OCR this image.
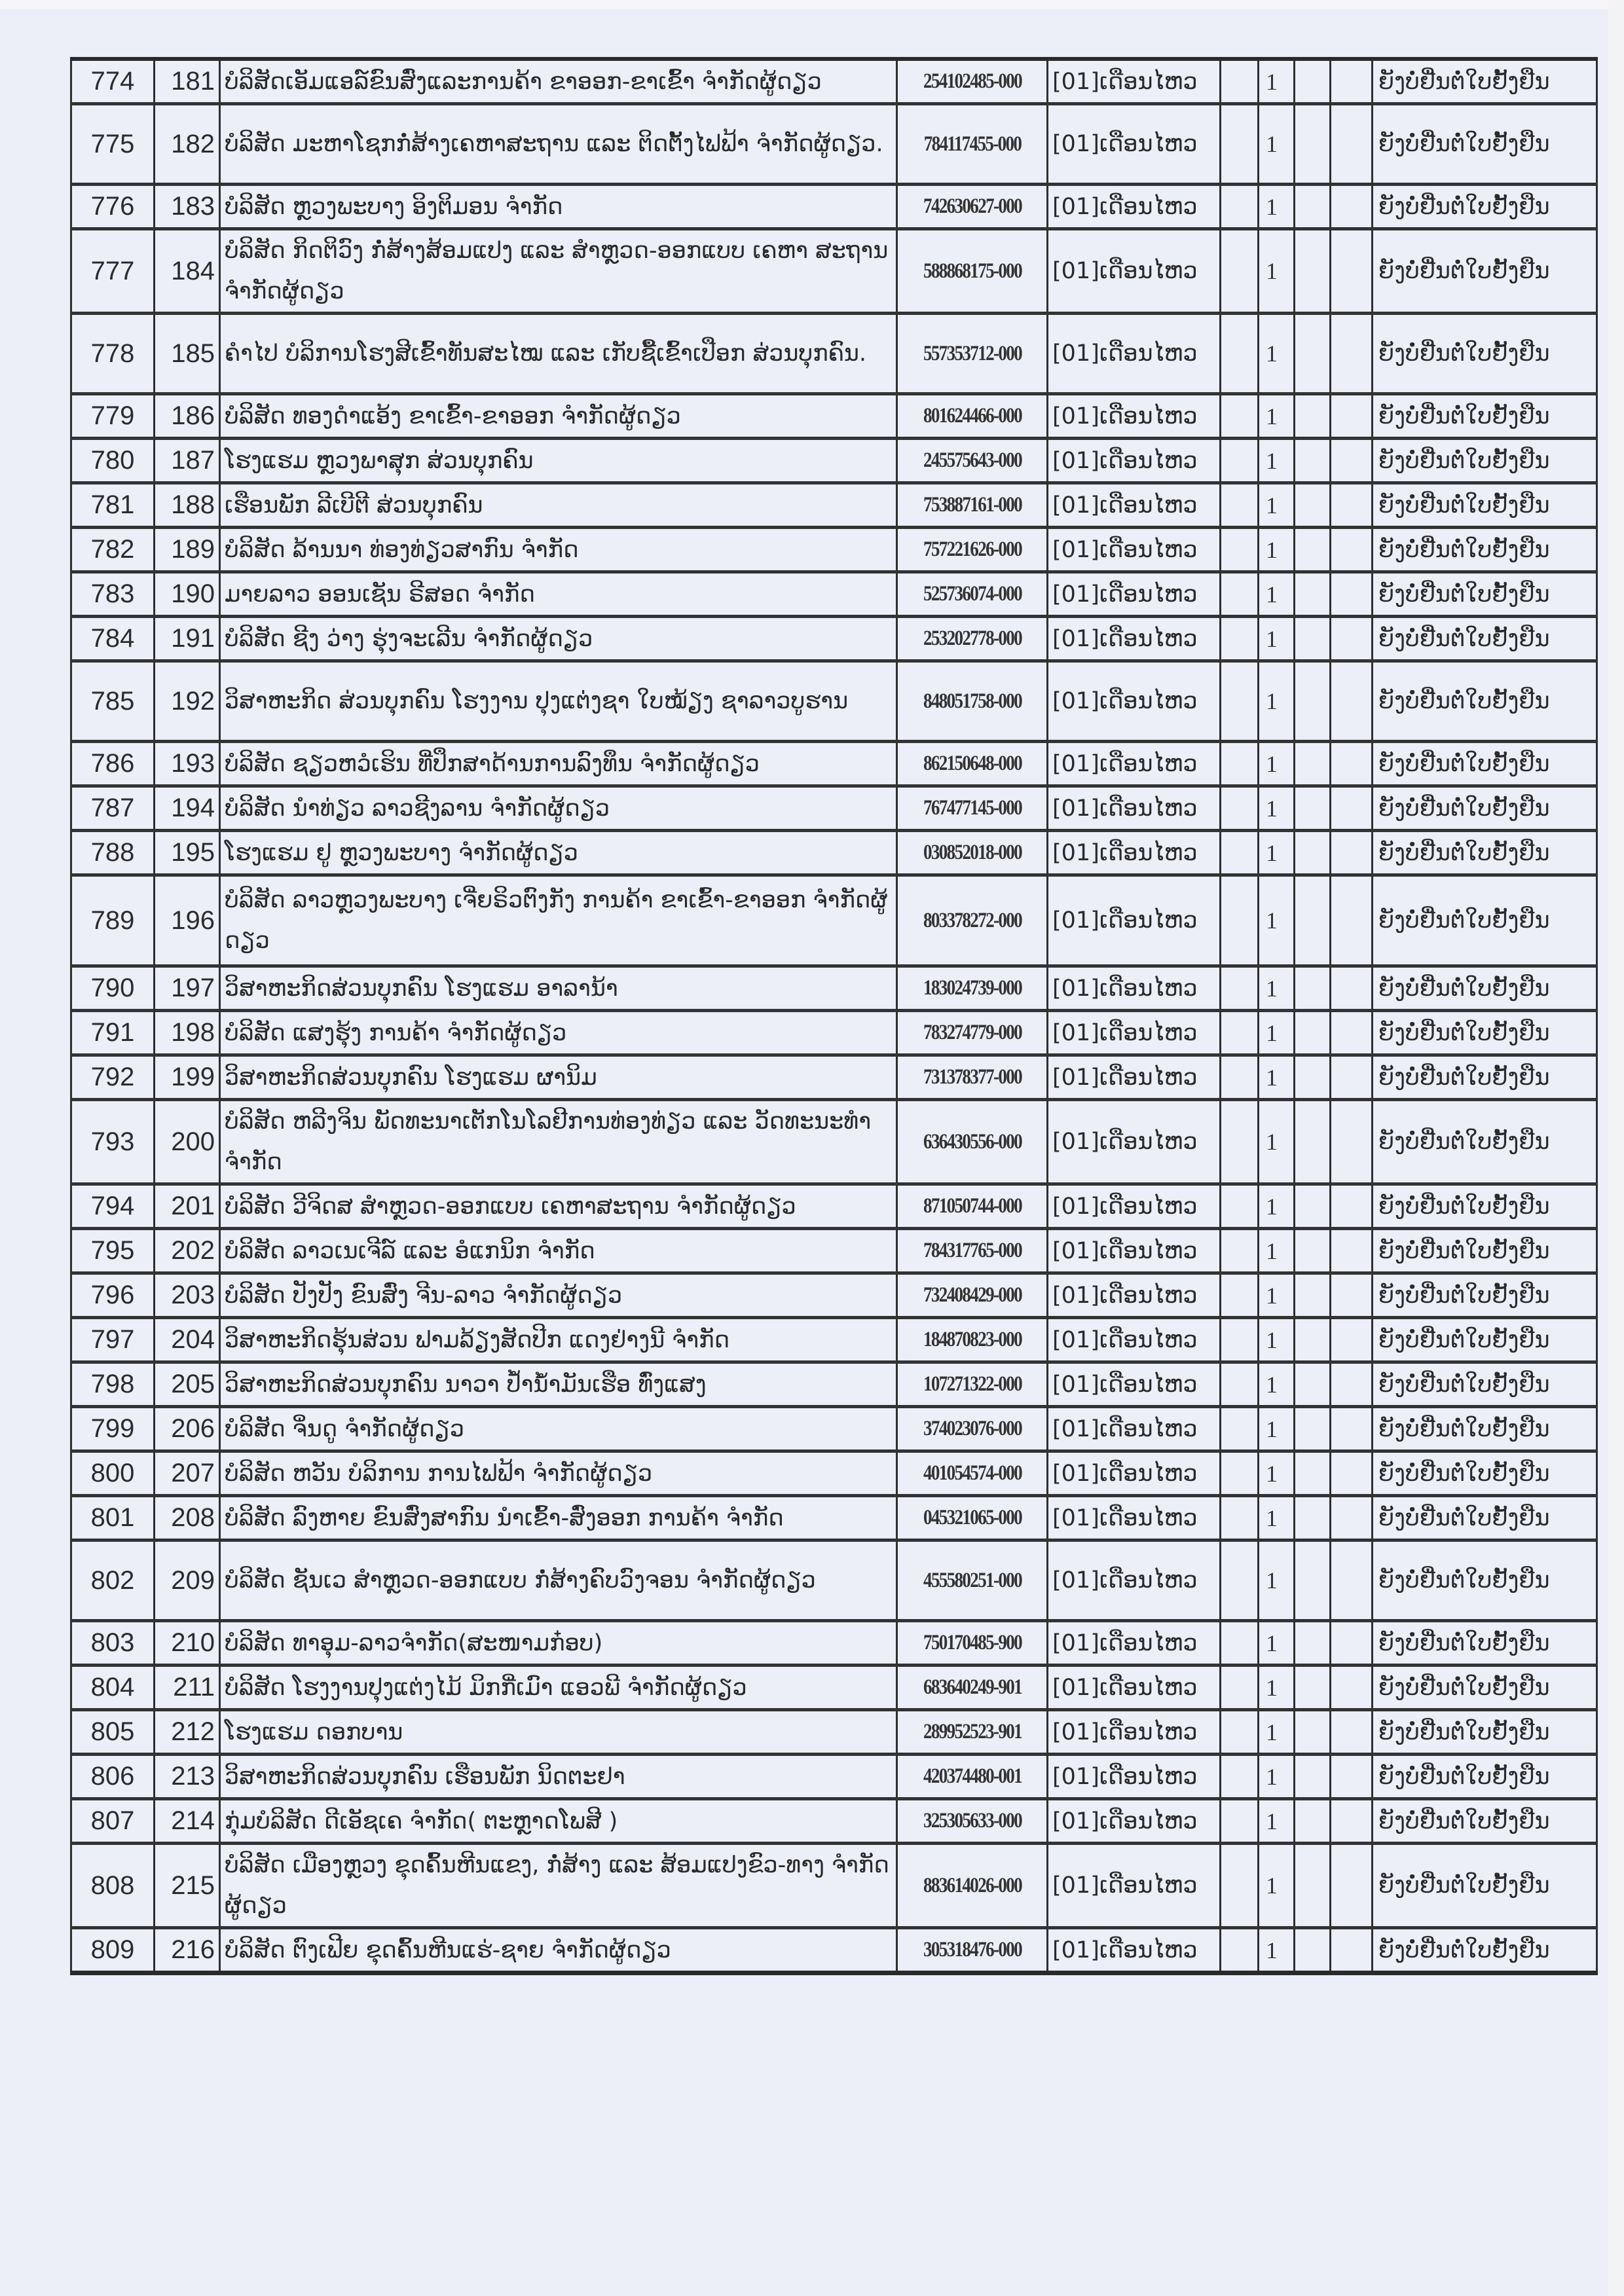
774	181	ບໍລິສັດເອັມແອລ໌ຂົນສົ່ງແລະການຄ້າ ຂາອອກ-ຂາເຂົ້າ ຈຳກັດຜູ້ດຽວ	254102485-000	[01]ເດືອນໄຫວ		1			ຍັງບໍ່ຢື່ນຕໍ່ໃບຢັ້ງຢືນ
775	182	ບໍລິສັດ ມະຫາໂຊກກໍ່ສ້າງເຄຫາສະຖານ ແລະ ຕິດຕັ້ງໄຟຟ້າ ຈຳກັດຜູ້ດຽວ.	784117455-000	[01]ເດືອນໄຫວ		1			ຍັງບໍ່ຢື່ນຕໍ່ໃບຢັ້ງຢືນ
776	183	ບໍລິສັດ ຫຼວງພະບາງ ອິງຕິມອນ ຈຳກັດ	742630627-000	[01]ເດືອນໄຫວ		1			ຍັງບໍ່ຢື່ນຕໍ່ໃບຢັ້ງຢືນ
777	184	ບໍລິສັດ ກິດຕິວົງ ກໍ່ສ້າງສ້ອມແປງ ແລະ ສຳຫຼວດ-ອອກແບບ ເຄຫາ ສະຖານ ຈຳກັດຜູ້ດຽວ	588868175-000	[01]ເດືອນໄຫວ		1			ຍັງບໍ່ຢື່ນຕໍ່ໃບຢັ້ງຢືນ
778	185	ຄຳໄປ ບໍລິການໂຮງສີເຂົ້າທັນສະໄໝ ແລະ ເກັບຊື້ເຂົ້າເປືອກ ສ່ວນບຸກຄົນ.	557353712-000	[01]ເດືອນໄຫວ		1			ຍັງບໍ່ຢື່ນຕໍ່ໃບຢັ້ງຢືນ
779	186	ບໍລິສັດ ທອງດຳແອ້ງ ຂາເຂົ້າ-ຂາອອກ ຈຳກັດຜູ້ດຽວ	801624466-000	[01]ເດືອນໄຫວ		1			ຍັງບໍ່ຢື່ນຕໍ່ໃບຢັ້ງຢືນ
780	187	ໂຮງແຮມ ຫຼວງພາສຸກ ສ່ວນບຸກຄົນ	245575643-000	[01]ເດືອນໄຫວ		1			ຍັງບໍ່ຢື່ນຕໍ່ໃບຢັ້ງຢືນ
781	188	ເຮືອນພັກ ລີເບີຕີ ສ່ວນບຸກຄົນ	753887161-000	[01]ເດືອນໄຫວ		1			ຍັງບໍ່ຢື່ນຕໍ່ໃບຢັ້ງຢືນ
782	189	ບໍລິສັດ ລ້ານນາ ທ່ອງທ່ຽວສາກົນ ຈຳກັດ	757221626-000	[01]ເດືອນໄຫວ		1			ຍັງບໍ່ຢື່ນຕໍ່ໃບຢັ້ງຢືນ
783	190	ມາຍລາວ ອອນເຊັນ ຣີສອດ ຈຳກັດ	525736074-000	[01]ເດືອນໄຫວ		1			ຍັງບໍ່ຢື່ນຕໍ່ໃບຢັ້ງຢືນ
784	191	ບໍລິສັດ ຊີງ ວ່າງ ຮຸ່ງຈະເລີນ ຈຳກັດຜູ້ດຽວ	253202778-000	[01]ເດືອນໄຫວ		1			ຍັງບໍ່ຢື່ນຕໍ່ໃບຢັ້ງຢືນ
785	192	ວິສາຫະກິດ ສ່ວນບຸກຄົນ ໂຮງງານ ປຸງແຕ່ງຊາ ໃບໝ້ຽງ ຊາລາວບູຮານ	848051758-000	[01]ເດືອນໄຫວ		1			ຍັງບໍ່ຢື່ນຕໍ່ໃບຢັ້ງຢືນ
786	193	ບໍລິສັດ ຊຽວຫວໍເຮິນ ທີ່ປຶກສາດ້ານການລົງທຶນ ຈຳກັດຜູ້ດຽວ	862150648-000	[01]ເດືອນໄຫວ		1			ຍັງບໍ່ຢື່ນຕໍ່ໃບຢັ້ງຢືນ
787	194	ບໍລິສັດ ນຳທ່ຽວ ລາວຊີງລານ ຈຳກັດຜູ້ດຽວ	767477145-000	[01]ເດືອນໄຫວ		1			ຍັງບໍ່ຢື່ນຕໍ່ໃບຢັ້ງຢືນ
788	195	ໂຮງແຮມ ຢູ ຫຼວງພະບາງ ຈຳກັດຜູ້ດຽວ	030852018-000	[01]ເດືອນໄຫວ		1			ຍັງບໍ່ຢື່ນຕໍ່ໃບຢັ້ງຢືນ
789	196	ບໍລິສັດ ລາວຫຼວງພະບາງ ເຈີ່ຍຣິວຕົງກັງ ການຄ້າ ຂາເຂົ້າ-ຂາອອກ ຈຳກັດຜູ້ດຽວ	803378272-000	[01]ເດືອນໄຫວ		1			ຍັງບໍ່ຢື່ນຕໍ່ໃບຢັ້ງຢືນ
790	197	ວິສາຫະກິດສ່ວນບຸກຄົນ ໂຮງແຮມ ອາລານ້າ	183024739-000	[01]ເດືອນໄຫວ		1			ຍັງບໍ່ຢື່ນຕໍ່ໃບຢັ້ງຢືນ
791	198	ບໍລິສັດ ແສງຮຸ້ງ ການຄ້າ ຈຳກັດຜູ້ດຽວ	783274779-000	[01]ເດືອນໄຫວ		1			ຍັງບໍ່ຢື່ນຕໍ່ໃບຢັ້ງຢືນ
792	199	ວິສາຫະກິດສ່ວນບຸກຄົນ ໂຮງແຮມ ຜານິມ	731378377-000	[01]ເດືອນໄຫວ		1			ຍັງບໍ່ຢື່ນຕໍ່ໃບຢັ້ງຢືນ
793	200	ບໍລິສັດ ຫລີງຈິນ ພັດທະນາເຕັກໂນໂລຢີການທ່ອງທ່ຽວ ແລະ ວັດທະນະທຳ ຈຳກັດ	636430556-000	[01]ເດືອນໄຫວ		1			ຍັງບໍ່ຢື່ນຕໍ່ໃບຢັ້ງຢືນ
794	201	ບໍລິສັດ ວີຈິດສ ສຳຫຼວດ-ອອກແບບ ເຄຫາສະຖານ ຈຳກັດຜູ້ດຽວ	871050744-000	[01]ເດືອນໄຫວ		1			ຍັງບໍ່ຢື່ນຕໍ່ໃບຢັ້ງຢືນ
795	202	ບໍລິສັດ ລາວເນເຈີລ໌ ແລະ ອໍແກນິກ ຈຳກັດ	784317765-000	[01]ເດືອນໄຫວ		1			ຍັງບໍ່ຢື່ນຕໍ່ໃບຢັ້ງຢືນ
796	203	ບໍລິສັດ ປັງປັງ ຂົນສົ່ງ ຈີນ-ລາວ ຈຳກັດຜູ້ດຽວ	732408429-000	[01]ເດືອນໄຫວ		1			ຍັງບໍ່ຢື່ນຕໍ່ໃບຢັ້ງຢືນ
797	204	ວິສາຫະກິດຮຸ້ນສ່ວນ ຟາມລ້ຽງສັດປີກ ແດງຢ່າງນີ ຈຳກັດ	184870823-000	[01]ເດືອນໄຫວ		1			ຍັງບໍ່ຢື່ນຕໍ່ໃບຢັ້ງຢືນ
798	205	ວິສາຫະກິດສ່ວນບຸກຄົນ ນາວາ ປ້ຳນ້ຳມັນເຮືອ ທົ່ງແສງ	107271322-000	[01]ເດືອນໄຫວ		1			ຍັງບໍ່ຢື່ນຕໍ່ໃບຢັ້ງຢືນ
799	206	ບໍລິສັດ ຈິ່ນດູ ຈຳກັດຜູ້ດຽວ	374023076-000	[01]ເດືອນໄຫວ		1			ຍັງບໍ່ຢື່ນຕໍ່ໃບຢັ້ງຢືນ
800	207	ບໍລິສັດ ຫວັນ ບໍລິການ ການໄຟຟ້າ ຈຳກັດຜູ້ດຽວ	401054574-000	[01]ເດືອນໄຫວ		1			ຍັງບໍ່ຢື່ນຕໍ່ໃບຢັ້ງຢືນ
801	208	ບໍລິສັດ ລົງຫາຍ ຂົນສົ່ງສາກົນ ນຳເຂົ້າ-ສົ່ງອອກ ການຄ້າ ຈຳກັດ	045321065-000	[01]ເດືອນໄຫວ		1			ຍັງບໍ່ຢື່ນຕໍ່ໃບຢັ້ງຢືນ
802	209	ບໍລິສັດ ຊັນເວ ສຳຫຼວດ-ອອກແບບ ກໍ່ສ້າງຄົບວົງຈອນ ຈຳກັດຜູ້ດຽວ	455580251-000	[01]ເດືອນໄຫວ		1			ຍັງບໍ່ຢື່ນຕໍ່ໃບຢັ້ງຢືນ
803	210	ບໍລິສັດ ທາອຸມ-ລາວຈຳກັດ(ສະໜາມກ໋ອບ)	750170485-900	[01]ເດືອນໄຫວ		1			ຍັງບໍ່ຢື່ນຕໍ່ໃບຢັ້ງຢືນ
804	211	ບໍລິສັດ ໂຮງງານປຸງແຕ່ງໄມ້ ມິກກີ່ເມົາ ແອວພີ ຈຳກັດຜູ້ດຽວ	683640249-901	[01]ເດືອນໄຫວ		1			ຍັງບໍ່ຢື່ນຕໍ່ໃບຢັ້ງຢືນ
805	212	ໂຮງແຮມ ດອກບານ	289952523-901	[01]ເດືອນໄຫວ		1			ຍັງບໍ່ຢື່ນຕໍ່ໃບຢັ້ງຢືນ
806	213	ວິສາຫະກິດສ່ວນບຸກຄົນ ເຮືອນພັກ ນິດຕະຢາ	420374480-001	[01]ເດືອນໄຫວ		1			ຍັງບໍ່ຢື່ນຕໍ່ໃບຢັ້ງຢືນ
807	214	ກຸ່ມບໍລິສັດ ດີເອັຊເຄ ຈຳກັດ( ຕະຫຼາດໂພສີ )	325305633-000	[01]ເດືອນໄຫວ		1			ຍັງບໍ່ຢື່ນຕໍ່ໃບຢັ້ງຢືນ
808	215	ບໍລິສັດ ເມືອງຫຼວງ ຂຸດຄົ້ນຫີນແຂງ, ກໍ່ສ້າງ ແລະ ສ້ອມແປງຂົວ-ທາງ ຈຳກັດຜູ້ດຽວ	883614026-000	[01]ເດືອນໄຫວ		1			ຍັງບໍ່ຢື່ນຕໍ່ໃບຢັ້ງຢືນ
809	216	ບໍລິສັດ ຕົງເຟີຍ ຂຸດຄົ້ນຫີນແຮ່-ຊາຍ ຈຳກັດຜູ້ດຽວ	305318476-000	[01]ເດືອນໄຫວ		1			ຍັງບໍ່ຢື່ນຕໍ່ໃບຢັ້ງຢືນ
